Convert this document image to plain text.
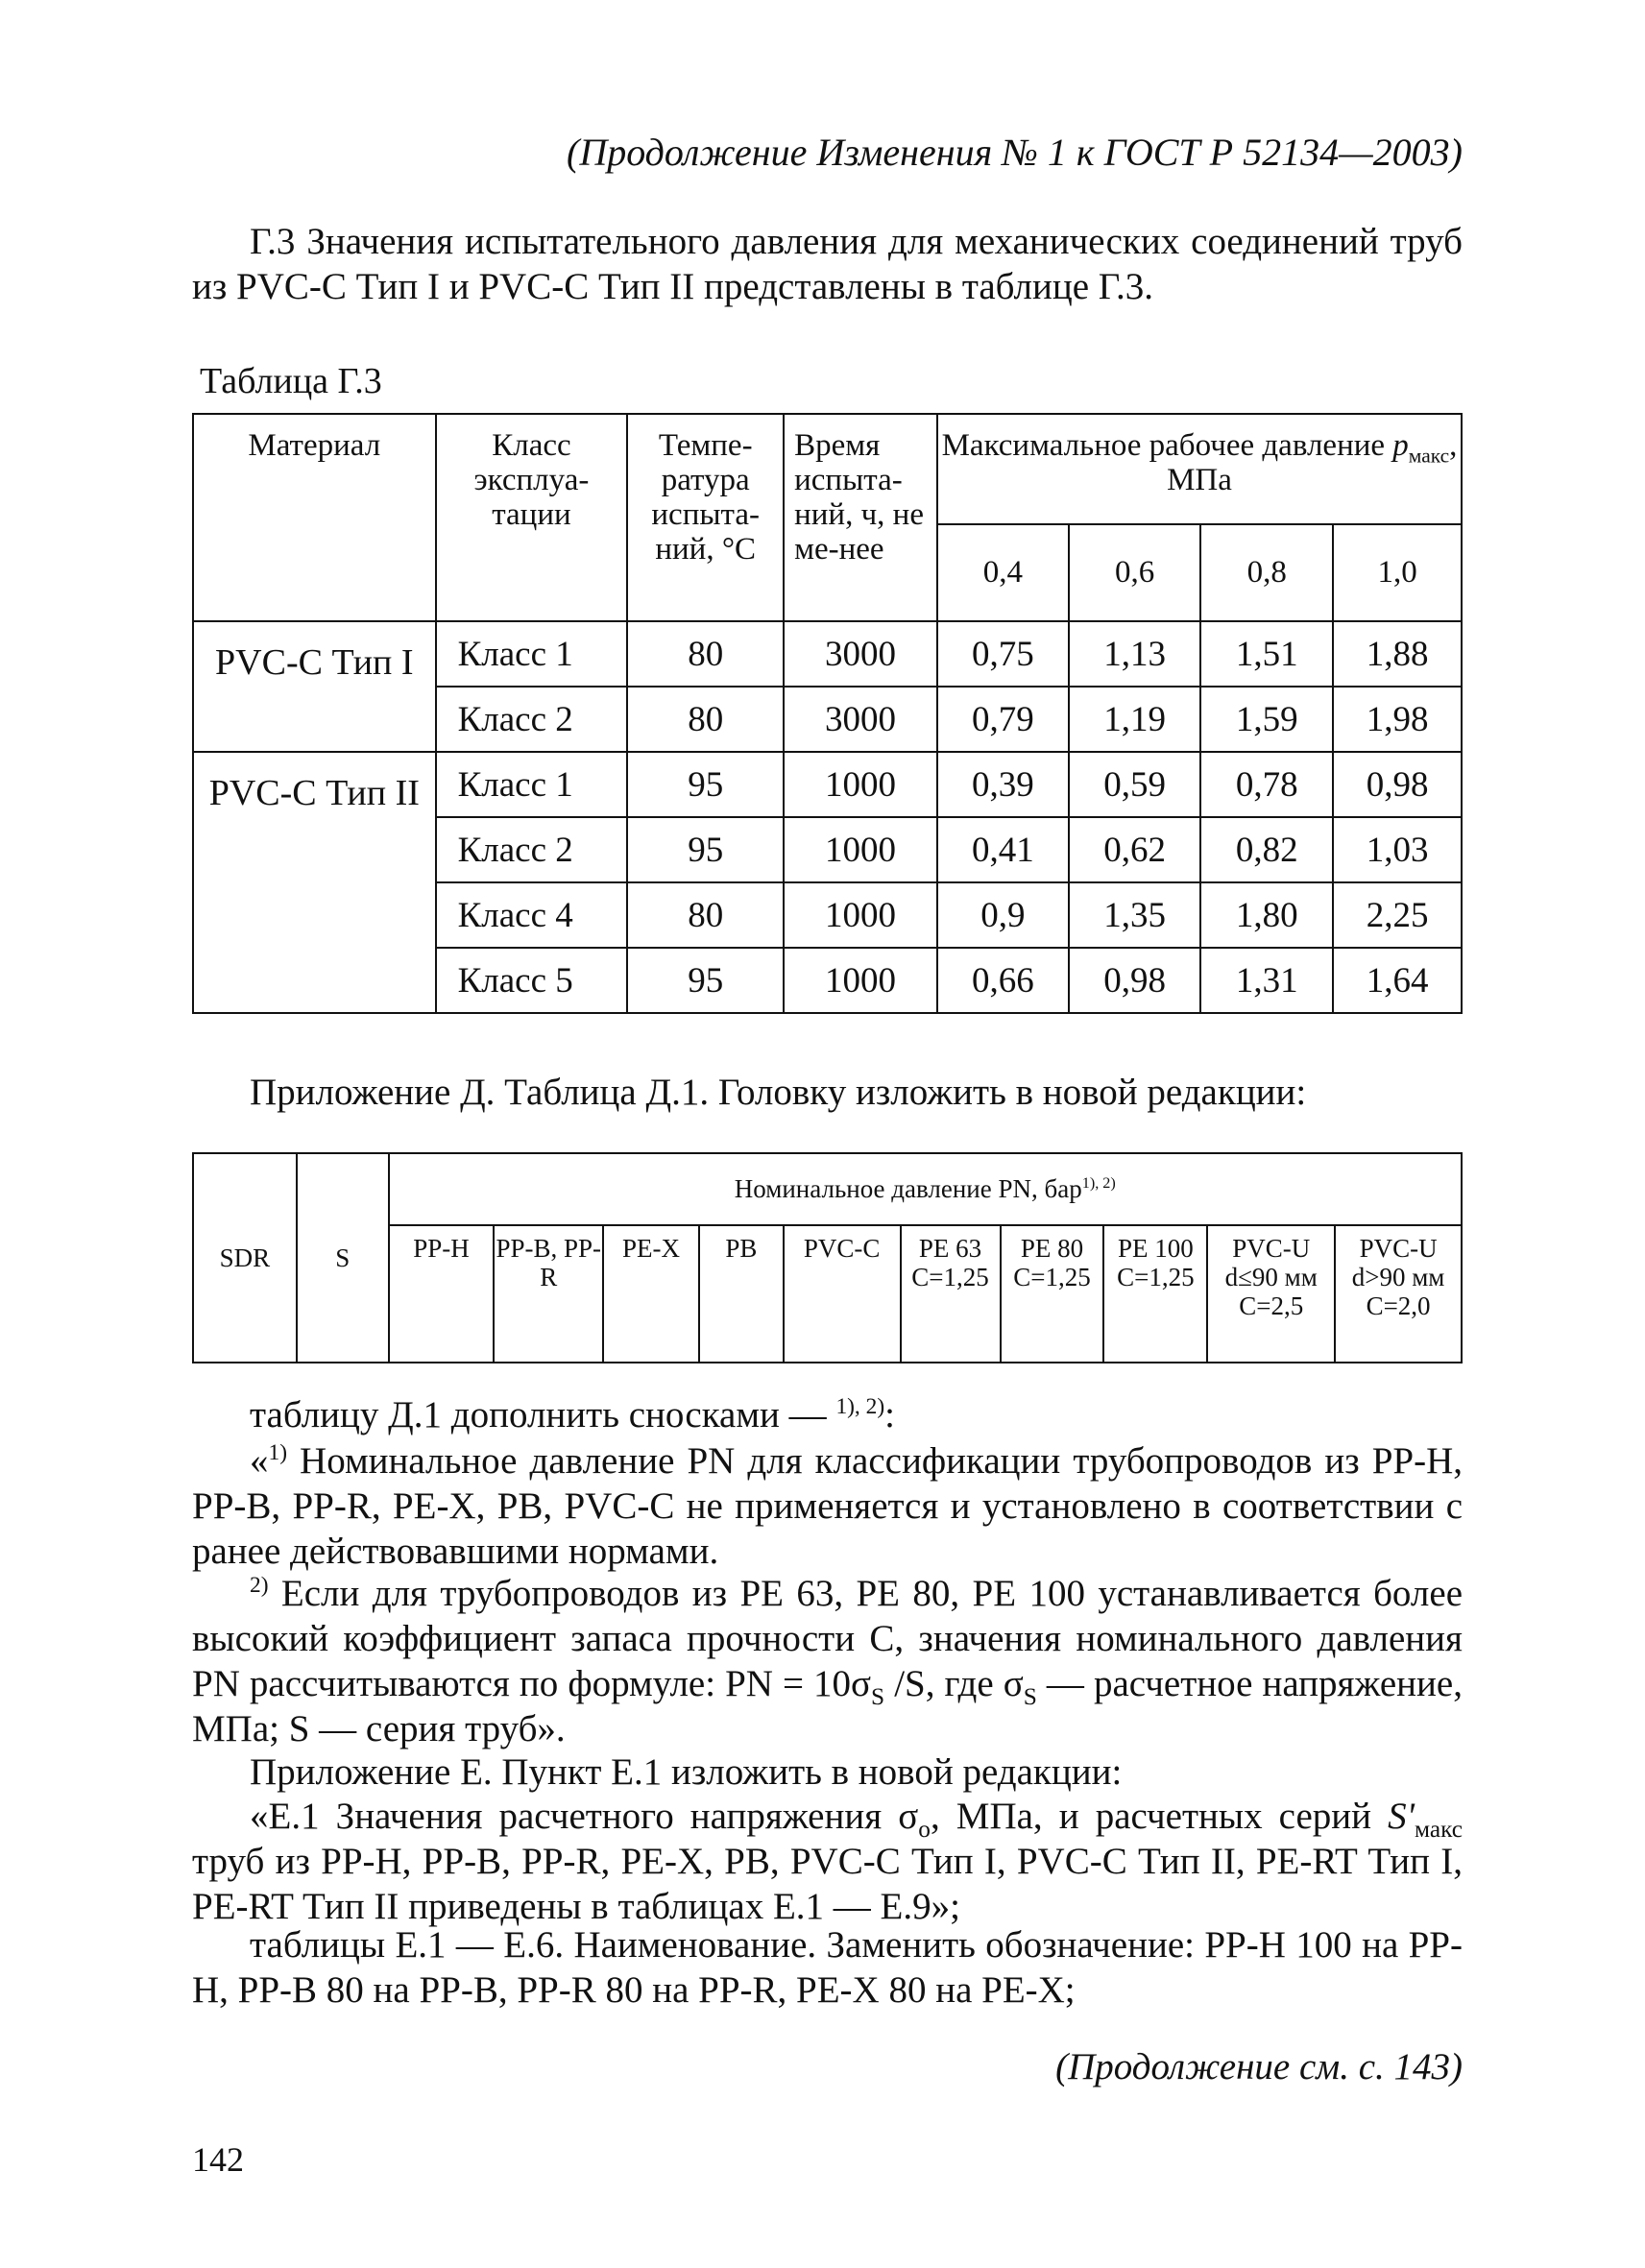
(Продолжение Изменения № 1 к ГОСТ Р 52134—2003)
Г.3 Значения испытательного давления для механических соединений труб из PVC-C Тип I и PVC-C Тип II представлены в таблице Г.3.
Таблица Г.3
Материал	Класс эксплуа-тации	Темпе-ратура испыта-ний, °С	Время испыта-ний, ч, не ме-нее	Максимальное рабочее давление $р_{макс}$, МПа			
				0,4	0,6	0,8	1,0
PVC-C Тип I	Класс 1	80	3000	0,75	1,13	1,51	1,88
	Класс 2	80	3000	0,79	1,19	1,59	1,98
PVC-C Тип II	Класс 1	95	1000	0,39	0,59	0,78	0,98
	Класс 2	95	1000	0,41	0,62	0,82	1,03
	Класс 4	80	1000	0,9	1,35	1,80	2,25
	Класс 5	95	1000	0,66	0,98	1,31	1,64
Приложение Д. Таблица Д.1. Головку изложить в новой редакции:
SDR	S	Номинальное давление PN, бар$^{1), 2)}$
		PP-H	PP-B, PP-R	PE-X	PB	PVC-C	PE 63 С=1,25	PE 80 С=1,25	PE 100 С=1,25	PVC-U d≤90 мм С=2,5	PVC-U d>90 мм С=2,0
таблицу Д.1 дополнить сносками — $^{1), 2)}$:
«$^{1)}$ Номинальное давление PN для классификации трубопроводов из PP-H, PP-B, PP-R, PE-X, PB, PVC-C не применяется и установлено в соответствии с ранее действовавшими нормами.
$^{2)}$ Если для трубопроводов из PE 63, PE 80, PE 100 устанавливается более высокий коэффициент запаса прочности С, значения номинального давления PN рассчитываются по формуле: PN = $10\sigma_S$ /S, где $\sigma_S$ — расчетное напряжение, МПа; S — серия труб».
Приложение Е. Пункт Е.1 изложить в новой редакции:
«Е.1 Значения расчетного напряжения $\sigma_o$, МПа, и расчетных серий $S'_{макс}$ труб из PP-H, PP-B, PP-R, PE-X, PB, PVC-C Тип I, PVC-C Тип II, PE-RT Тип I, PE-RT Тип II приведены в таблицах Е.1 — Е.9»;
таблицы Е.1 — Е.6. Наименование. Заменить обозначение: PP-H 100 на PP-H, PP-B 80 на PP-B, PP-R 80 на PP-R, PE-X 80 на PE-X;
(Продолжение см. с. 143)
142
